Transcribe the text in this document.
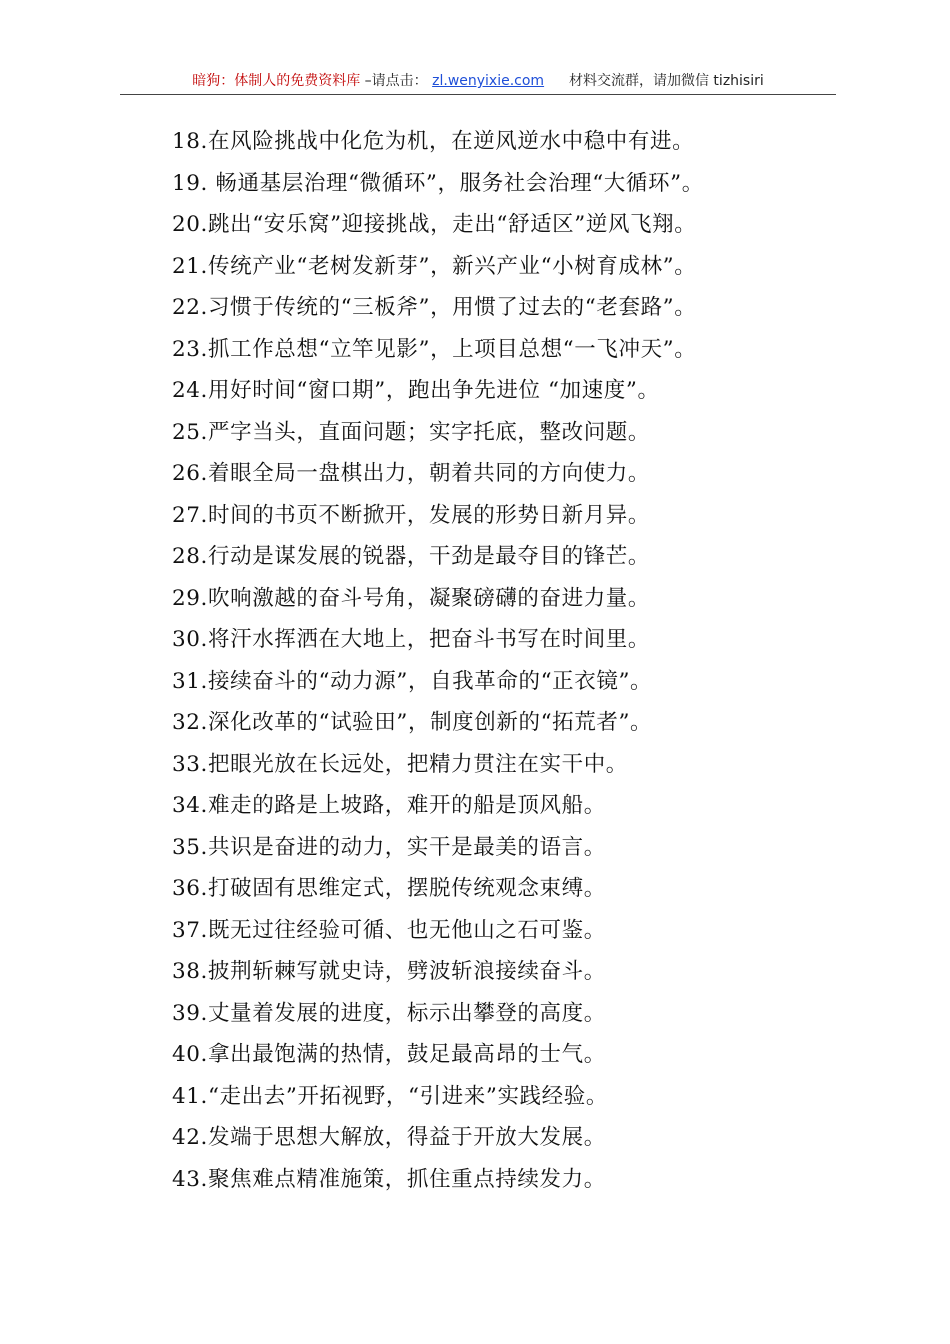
暗狗：体制人的免费资料库 –请点击： zl.wenyixie.com 材料交流群，请加微信 tizhisiri
18.在风险挑战中化危为机，在逆风逆水中稳中有进。
19. 畅通基层治理“微循环”，服务社会治理“大循环”。
20.跳出“安乐窝”迎接挑战，走出“舒适区”逆风飞翔。
21.传统产业“老树发新芽”，新兴产业“小树育成林”。
22.习惯于传统的“三板斧”，用惯了过去的“老套路”。
23.抓工作总想“立竿见影”，上项目总想“一飞冲天”。
24.用好时间“窗口期”，跑出争先进位 “加速度”。
25.严字当头，直面问题；实字托底，整改问题。
26.着眼全局一盘棋出力，朝着共同的方向使力。
27.时间的书页不断掀开，发展的形势日新月异。
28.行动是谋发展的锐器，干劲是最夺目的锋芒。
29.吹响激越的奋斗号角，凝聚磅礴的奋进力量。
30.将汗水挥洒在大地上，把奋斗书写在时间里。
31.接续奋斗的“动力源”，自我革命的“正衣镜”。
32.深化改革的“试验田”，制度创新的“拓荒者”。
33.把眼光放在长远处，把精力贯注在实干中。
34.难走的路是上坡路，难开的船是顶风船。
35.共识是奋进的动力，实干是最美的语言。
36.打破固有思维定式，摆脱传统观念束缚。
37.既无过往经验可循、也无他山之石可鉴。
38.披荆斩棘写就史诗，劈波斩浪接续奋斗。
39.丈量着发展的进度，标示出攀登的高度。
40.拿出最饱满的热情，鼓足最高昂的士气。
41.“走出去”开拓视野，“引进来”实践经验。
42.发端于思想大解放，得益于开放大发展。
43.聚焦难点精准施策，抓住重点持续发力。
